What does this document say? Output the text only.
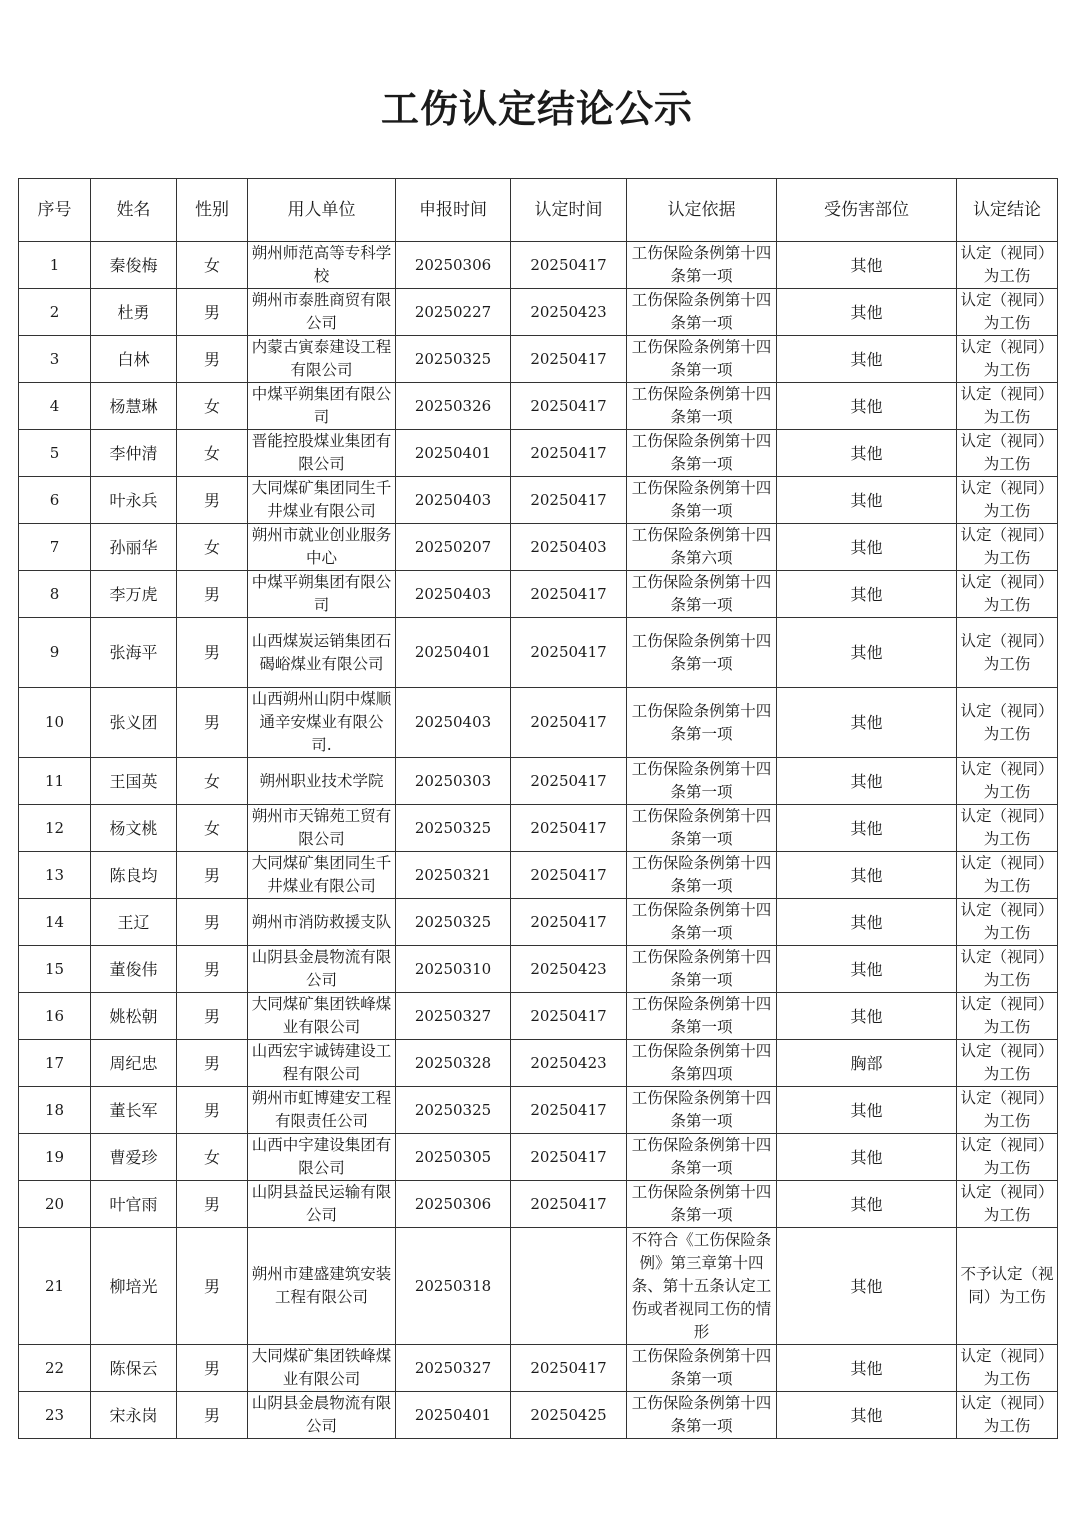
工伤认定结论公示
序号	姓名	性别	用人单位	申报时间	认定时间	认定依据	受伤害部位	认定结论
1	秦俊梅	女	朔州师范高等专科学校	20250306	20250417	工伤保险条例第十四条第一项	其他	认定（视同）为工伤
2	杜勇	男	朔州市泰胜商贸有限公司	20250227	20250423	工伤保险条例第十四条第一项	其他	认定（视同）为工伤
3	白林	男	内蒙古寅泰建设工程有限公司	20250325	20250417	工伤保险条例第十四条第一项	其他	认定（视同）为工伤
4	杨慧琳	女	中煤平朔集团有限公司	20250326	20250417	工伤保险条例第十四条第一项	其他	认定（视同）为工伤
5	李仲清	女	晋能控股煤业集团有限公司	20250401	20250417	工伤保险条例第十四条第一项	其他	认定（视同）为工伤
6	叶永兵	男	大同煤矿集团同生千井煤业有限公司	20250403	20250417	工伤保险条例第十四条第一项	其他	认定（视同）为工伤
7	孙丽华	女	朔州市就业创业服务中心	20250207	20250403	工伤保险条例第十四条第六项	其他	认定（视同）为工伤
8	李万虎	男	中煤平朔集团有限公司	20250403	20250417	工伤保险条例第十四条第一项	其他	认定（视同）为工伤
9	张海平	男	山西煤炭运销集团石碣峪煤业有限公司	20250401	20250417	工伤保险条例第十四条第一项	其他	认定（视同）为工伤
10	张义团	男	山西朔州山阴中煤顺通辛安煤业有限公司.	20250403	20250417	工伤保险条例第十四条第一项	其他	认定（视同）为工伤
11	王国英	女	朔州职业技术学院	20250303	20250417	工伤保险条例第十四条第一项	其他	认定（视同）为工伤
12	杨文桃	女	朔州市天锦苑工贸有限公司	20250325	20250417	工伤保险条例第十四条第一项	其他	认定（视同）为工伤
13	陈良均	男	大同煤矿集团同生千井煤业有限公司	20250321	20250417	工伤保险条例第十四条第一项	其他	认定（视同）为工伤
14	王辽	男	朔州市消防救援支队	20250325	20250417	工伤保险条例第十四条第一项	其他	认定（视同）为工伤
15	董俊伟	男	山阴县金晨物流有限公司	20250310	20250423	工伤保险条例第十四条第一项	其他	认定（视同）为工伤
16	姚松朝	男	大同煤矿集团铁峰煤业有限公司	20250327	20250417	工伤保险条例第十四条第一项	其他	认定（视同）为工伤
17	周纪忠	男	山西宏宇诚铸建设工程有限公司	20250328	20250423	工伤保险条例第十四条第四项	胸部	认定（视同）为工伤
18	董长军	男	朔州市虹博建安工程有限责任公司	20250325	20250417	工伤保险条例第十四条第一项	其他	认定（视同）为工伤
19	曹爱珍	女	山西中宇建设集团有限公司	20250305	20250417	工伤保险条例第十四条第一项	其他	认定（视同）为工伤
20	叶官雨	男	山阴县益民运输有限公司	20250306	20250417	工伤保险条例第十四条第一项	其他	认定（视同）为工伤
21	柳培光	男	朔州市建盛建筑安装工程有限公司	20250318		不符合《工伤保险条例》第三章第十四条、第十五条认定工伤或者视同工伤的情形	其他	不予认定（视同）为工伤
22	陈保云	男	大同煤矿集团铁峰煤业有限公司	20250327	20250417	工伤保险条例第十四条第一项	其他	认定（视同）为工伤
23	宋永岗	男	山阴县金晨物流有限公司	20250401	20250425	工伤保险条例第十四条第一项	其他	认定（视同）为工伤
